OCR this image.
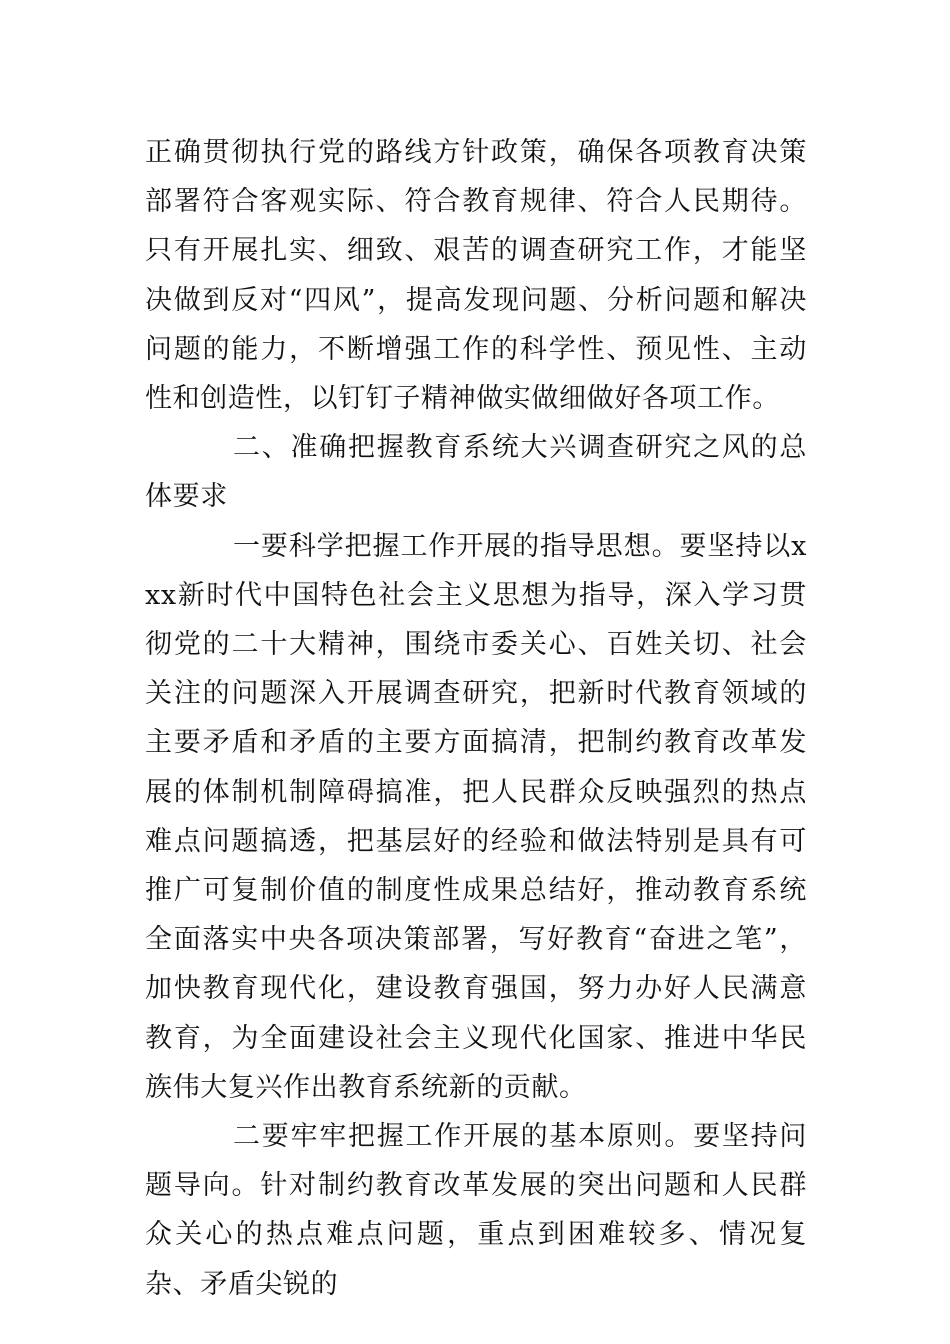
正确贯彻执行党的路线方针政策，确保各项教育决策部署符合客观实际、符合教育规律、符合人民期待。只有开展扎实、细致、艰苦的调查研究工作，才能坚决做到反对“四风”，提高发现问题、分析问题和解决问题的能力，不断增强工作的科学性、预见性、主动性和创造性，以钉钉子精神做实做细做好各项工作。

二、准确把握教育系统大兴调查研究之风的总体要求

一要科学把握工作开展的指导思想。要坚持以xxx新时代中国特色社会主义思想为指导，深入学习贯彻党的二十大精神，围绕市委关心、百姓关切、社会关注的问题深入开展调查研究，把新时代教育领域的主要矛盾和矛盾的主要方面搞清，把制约教育改革发展的体制机制障碍搞准，把人民群众反映强烈的热点难点问题搞透，把基层好的经验和做法特别是具有可推广可复制价值的制度性成果总结好，推动教育系统全面落实中央各项决策部署，写好教育“奋进之笔”，加快教育现代化，建设教育强国，努力办好人民满意教育，为全面建设社会主义现代化国家、推进中华民族伟大复兴作出教育系统新的贡献。

二要牢牢把握工作开展的基本原则。要坚持问题导向。针对制约教育改革发展的突出问题和人民群众关心的热点难点问题，重点到困难较多、情况复杂、矛盾尖锐的
